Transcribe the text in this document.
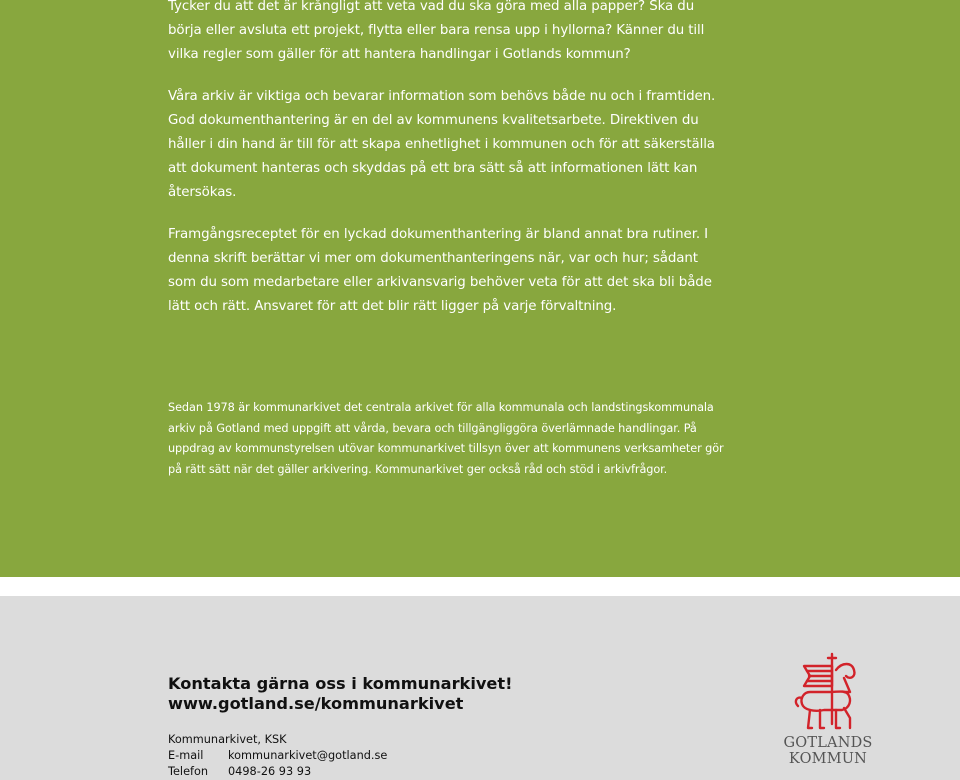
Tycker du att det är krångligt att veta vad du ska göra med alla papper? Ska du börja eller avsluta ett projekt, flytta eller bara rensa upp i hyllorna? Känner du till vilka regler som gäller för att hantera handlingar i Gotlands kommun?

Våra arkiv är viktiga och bevarar information som behövs både nu och i framtiden. God dokumenthantering är en del av kommunens kvalitetsarbete. Direktiven du håller i din hand är till för att skapa enhetlighet i kommunen och för att säkerställa att dokument hanteras och skyddas på ett bra sätt så att informationen lätt kan återsökas.

Framgångsreceptet för en lyckad dokumenthantering är bland annat bra rutiner. I denna skrift berättar vi mer om dokumenthanteringens när, var och hur; sådant som du som medarbetare eller arkivansvarig behöver veta för att det ska bli både lätt och rätt. Ansvaret för att det blir rätt ligger på varje förvaltning.

Sedan 1978 är kommunarkivet det centrala arkivet för alla kommunala och landstingskommunala arkiv på Gotland med uppgift att vårda, bevara och tillgängliggöra överlämnade handlingar. På uppdrag av kommunstyrelsen utövar kommunarkivet tillsyn över att kommunens verksamheter gör på rätt sätt när det gäller arkivering. Kommunarkivet ger också råd och stöd i arkivfrågor.

Kontakta gärna oss i kommunarkivet!
www.gotland.se/kommunarkivet
Kommunarkivet, KSK
E-mail kommunarkivet@gotland.se
Telefon 0498-26 93 93
GOTLANDS
KOMMUN
